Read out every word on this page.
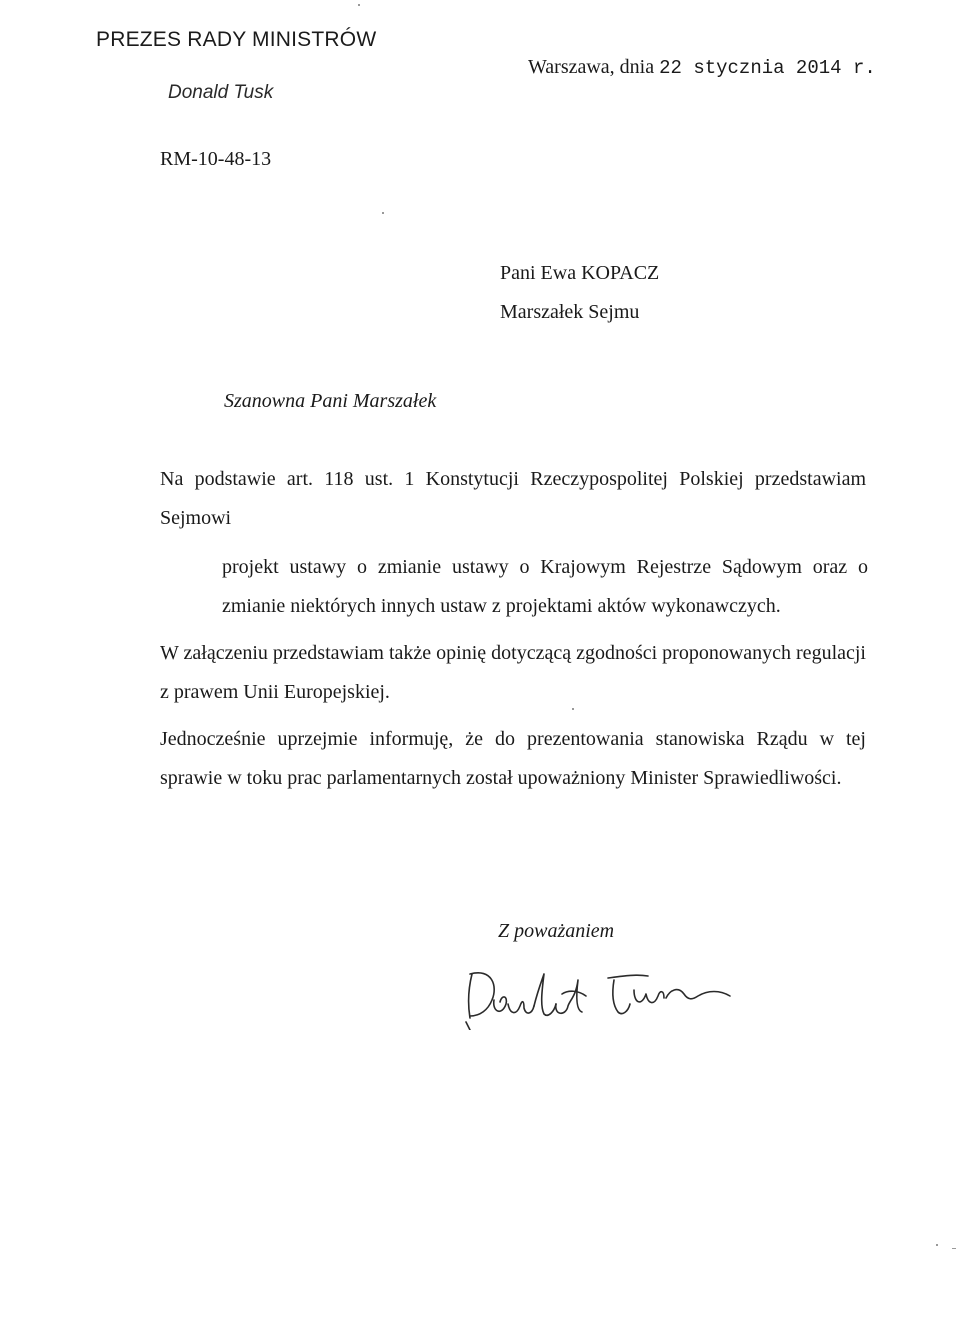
PREZES RADY MINISTRÓW
Donald Tusk
Warszawa, dnia 22 stycznia 2014 r.
RM-10-48-13
Pani Ewa KOPACZ
Marszałek Sejmu
Szanowna Pani Marszałek
Na podstawie art. 118 ust. 1 Konstytucji Rzeczypospolitej Polskiej przedstawiam Sejmowi
projekt ustawy o zmianie ustawy o Krajowym Rejestrze Sądowym oraz o zmianie niektórych innych ustaw z projektami aktów wykonawczych.
W załączeniu przedstawiam także opinię dotyczącą zgodności proponowanych regulacji z prawem Unii Europejskiej.
Jednocześnie uprzejmie informuję, że do prezentowania stanowiska Rządu w tej sprawie w toku prac parlamentarnych został upoważniony Minister Sprawiedliwości.
Z poważaniem
